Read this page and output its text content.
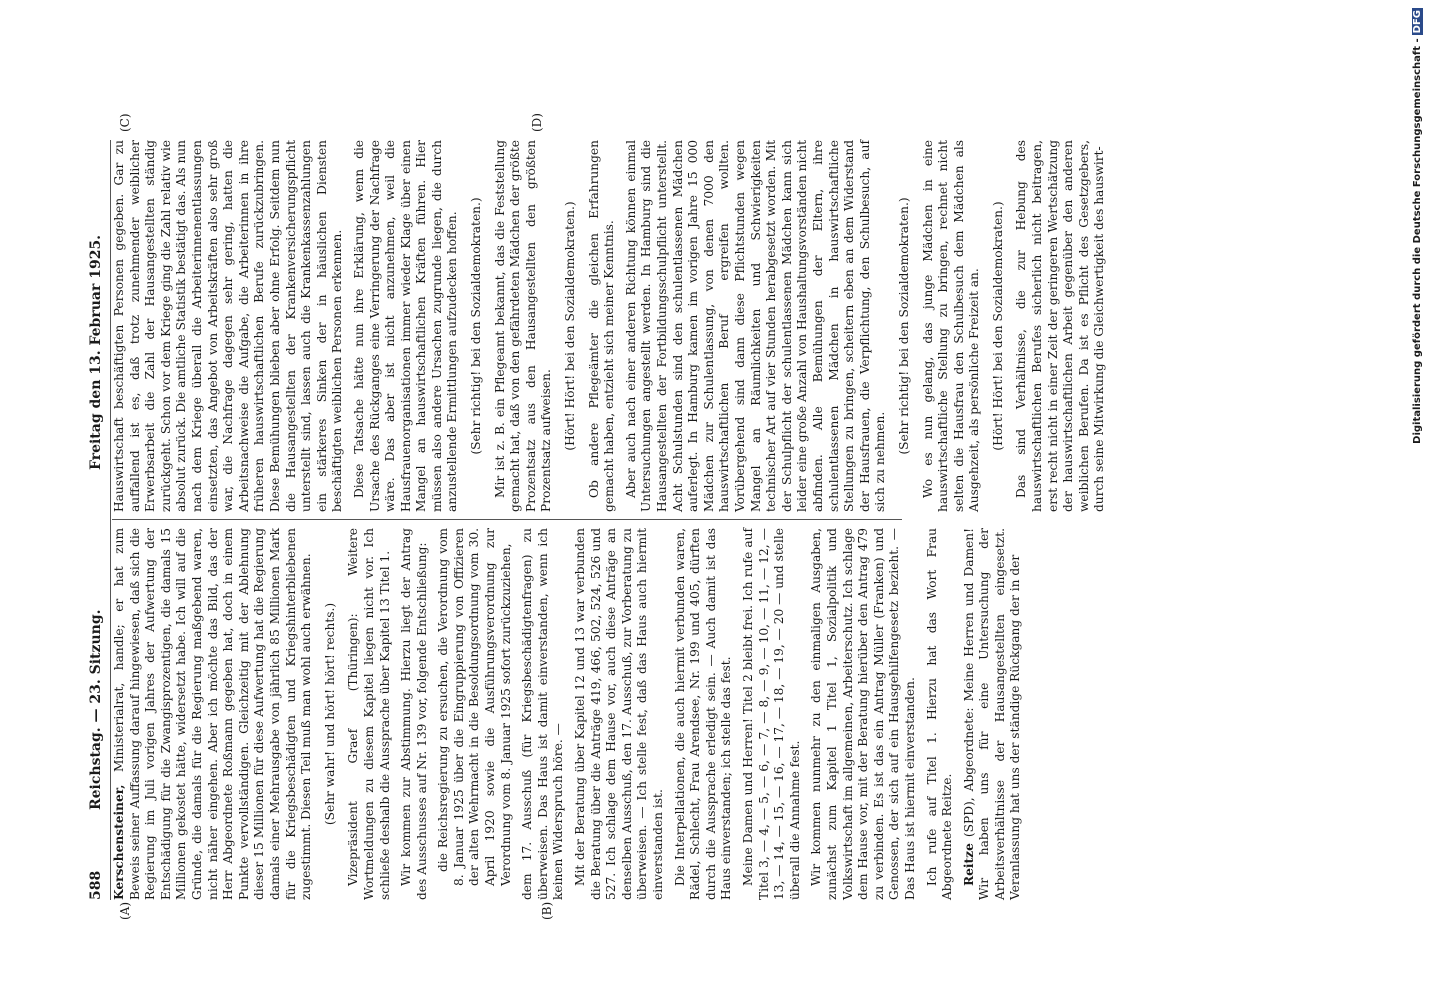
588
Reichstag. — 23. Sitzung.
Freitag den 13. Februar 1925.
(A)	(B)
(C)	(D)

Kerschensteiner, Ministerialrat, handle; er hat zum Beweis seiner Auffassung darauf hingewiesen, daß sich die Regierung im Juli vorigen Jahres der Aufwertung der Entschädigung für die Zwangisprozentigen, die damals 15 Millionen gekostet hätte, widersetzt habe. Ich will auf die Gründe, die damals für die Regierung maßgebend waren, nicht näher eingehen. Aber ich möchte das Bild, das der Herr Abgeordnete Roßmann gegeben hat, doch in einem Punkte vervollständigen. Gleichzeitig mit der Ablehnung dieser 15 Millionen für diese Aufwertung hat die Regierung damals einer Mehrausgabe von jährlich 85 Millionen Mark für die Kriegsbeschädigten und Kriegshinterbliebenen zugestimmt. Diesen Teil muß man wohl auch erwähnen. (Sehr wahr! und hört! hört! rechts.) Vizepräsident Graef (Thüringen): Weitere Wortmeldungen zu diesem Kapitel liegen nicht vor. Ich schließe deshalb die Aussprache über Kapitel 13 Titel 1. Wir kommen zur Abstimmung. Hierzu liegt der Antrag des Ausschusses auf Nr. 139 vor, folgende Entschließung: die Reichsregierung zu ersuchen, die Verordnung vom 8. Januar 1925 über die Eingruppierung von Offizieren der alten Wehrmacht in die Besoldungsordnung vom 30. April 1920 sowie die Ausführungsverordnung zur Verordnung vom 8. Januar 1925 sofort zurückzuziehen, dem 17. Ausschuß (für Kriegsbeschädigtenfragen) zu überweisen. Das Haus ist damit einverstanden, wenn ich keinen Widerspruch höre. — Mit der Beratung über Kapitel 12 und 13 war verbunden die Beratung über die Anträge 419, 466, 502, 524, 526 und 527. Ich schlage dem Hause vor, auch diese Anträge an denselben Ausschuß, den 17. Ausschuß, zur Vorberatung zu überweisen. — Ich stelle fest, daß das Haus auch hiermit einverstanden ist. Die Interpellationen, die auch hiermit verbunden waren, Rädel, Schlecht, Frau Arendsee, Nr. 199 und 405, dürften durch die Aussprache erledigt sein. — Auch damit ist das Haus einverstanden; ich stelle das fest. Meine Damen und Herren! Titel 2 bleibt frei. Ich rufe auf Titel 3, — 4, — 5, — 6, — 7, — 8, — 9, — 10, — 11, — 12, — 13, — 14, — 15, — 16, — 17, — 18, — 19, — 20 — und stelle überall die Annahme fest. Wir kommen nunmehr zu den einmaligen Ausgaben, zunächst zum Kapitel 1 Titel 1, Sozialpolitik und Volkswirtschaft im allgemeinen, Arbeiterschutz. Ich schlage dem Hause vor, mit der Beratung hierüber den Antrag 479 zu verbinden. Es ist das ein Antrag Müller (Franken) und Genossen, der sich auf ein Hausgehilfengesetz bezieht. — Das Haus ist hiermit einverstanden. Ich rufe auf Titel 1. Hierzu hat das Wort Frau Abgeordnete Reitze. Reitze (SPD), Abgeordnete: Meine Herren und Damen! Wir haben uns für eine Untersuchung der Arbeitsverhältnisse der Hausangestellten eingesetzt. Veranlassung hat uns der ständige Rückgang der in der

Hauswirtschaft beschäftigten Personen gegeben. Gar zu auffallend ist es, daß trotz zunehmender weiblicher Erwerbsarbeit die Zahl der Hausangestellten ständig zurückgeht. Schon vor dem Kriege ging die Zahl relativ wie absolut zurück. Die amtliche Statistik bestätigt das. Als nun nach dem Kriege überall die Arbeiterinnenentlassungen einsetzten, das Angebot von Arbeitskräften also sehr groß war, die Nachfrage dagegen sehr gering, hatten die Arbeitsnachweise die Aufgabe, die Arbeiterinnen in ihre früheren hauswirtschaftlichen Berufe zurückzubringen. Diese Bemühungen blieben aber ohne Erfolg. Seitdem nun die Hausangestellten der Krankenversicherungspflicht unterstellt sind, lassen auch die Krankenkassenzahlungen ein stärkeres Sinken der in häuslichen Diensten beschäftigten weiblichen Personen erkennen. Diese Tatsache hätte nun ihre Erklärung, wenn die Ursache des Rückganges eine Verringerung der Nachfrage wäre. Das aber ist nicht anzunehmen, weil die Hausfrauenorganisationen immer wieder Klage über einen Mangel an hauswirtschaftlichen Kräften führen. Hier müssen also andere Ursachen zugrunde liegen, die durch anzustellende Ermittlungen aufzudecken hoffen. (Sehr richtig! bei den Sozialdemokraten.) Mir ist z. B. ein Pflegeamt bekannt, das die Feststellung gemacht hat, daß von den gefährdeten Mädchen der größte Prozentsatz aus den Hausangestellten den größten Prozentsatz aufweisen. (Hört! Hört! bei den Sozialdemokraten.) Ob andere Pflegeämter die gleichen Erfahrungen gemacht haben, entzieht sich meiner Kenntnis. Aber auch nach einer anderen Richtung können einmal Untersuchungen angestellt werden. In Hamburg sind die Hausangestellten der Fortbildungsschulpflicht unterstellt. Acht Schulstunden sind den schulentlassenen Mädchen auferlegt. In Hamburg kamen im vorigen Jahre 15 000 Mädchen zur Schulentlassung, von denen 7000 den hauswirtschaftlichen Beruf ergreifen wollten. Vorübergehend sind dann diese Pflichtstunden wegen Mangel an Räumlichkeiten und Schwierigkeiten technischer Art auf vier Stunden herabgesetzt worden. Mit der Schulpflicht der schulentlassenen Mädchen kann sich leider eine große Anzahl von Haushaltungsvorständen nicht abfinden. Alle Bemühungen der Eltern, ihre schulentlassenen Mädchen in hauswirtschaftliche Stellungen zu bringen, scheitern eben an dem Widerstand der Hausfrauen, die Verpflichtung, den Schulbesuch, auf sich zu nehmen.

(Sehr richtig! bei den Sozialdemokraten.) Wo es nun gelang, das junge Mädchen in eine hauswirtschaftliche Stellung zu bringen, rechnet nicht selten die Hausfrau den Schulbesuch dem Mädchen als Ausgehzeit, als persönliche Freizeit an. (Hört! Hört! bei den Sozialdemokraten.) Das sind Verhältnisse, die zur Hebung des hauswirtschaftlichen Berufes sicherlich nicht beitragen, erst recht nicht in einer Zeit der geringeren Wertschätzung der hauswirtschaftlichen Arbeit gegenüber den anderen weiblichen Berufen. Da ist es Pflicht des Gesetzgebers, durch seine Mitwirkung die Gleichwertigkeit des hauswirt-	Digitalisierung gefördert durch die Deutsche Forschungsgemeinschaft -DFG
